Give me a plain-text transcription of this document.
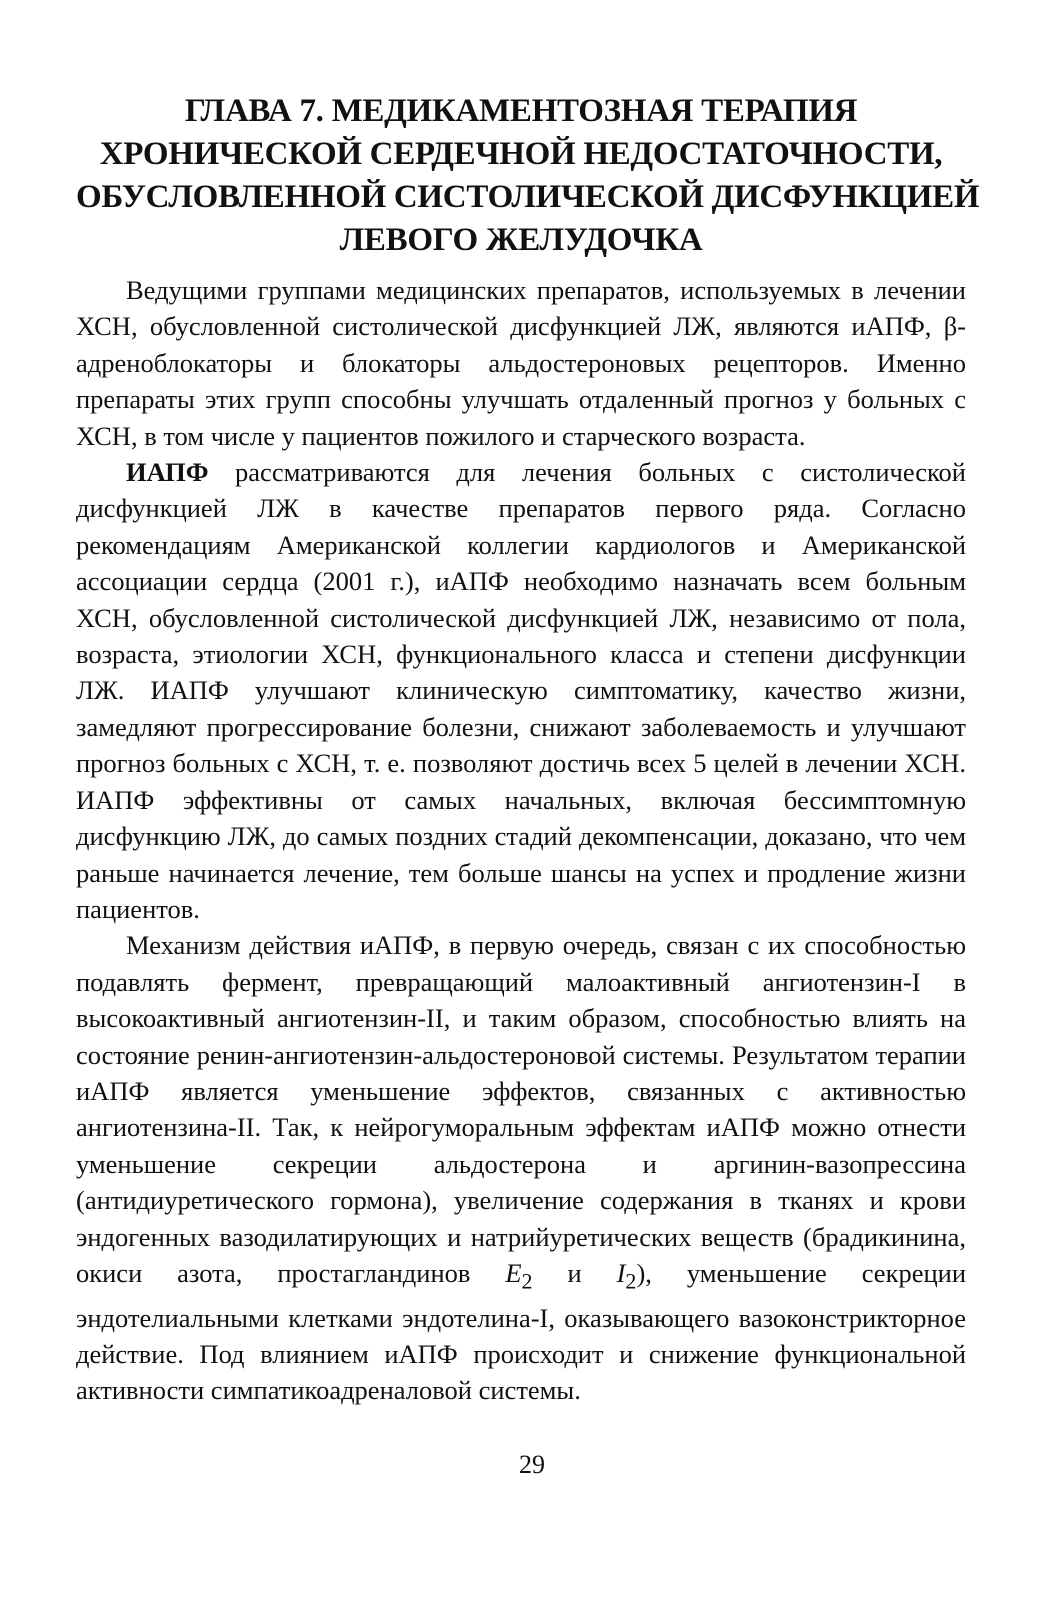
ГЛАВА 7. МЕДИКАМЕНТОЗНАЯ ТЕРАПИЯ
ХРОНИЧЕСКОЙ СЕРДЕЧНОЙ НЕДОСТАТОЧНОСТИ,
ОБУСЛОВЛЕННОЙ СИСТОЛИЧЕСКОЙ ДИСФУНКЦИЕЙ
ЛЕВОГО ЖЕЛУДОЧКА

Ведущими группами медицинских препаратов, используемых в лечении ХСН, обусловленной систолической дисфункцией ЛЖ, являются иАПФ, β-адреноблокаторы и блокаторы альдостероновых рецепторов. Именно препараты этих групп способны улучшать отдаленный прогноз у больных с ХСН, в том числе у пациентов пожилого и старческого возраста.

ИАПФ рассматриваются для лечения больных с систолической дисфункцией ЛЖ в качестве препаратов первого ряда. Согласно рекомендациям Американской коллегии кардиологов и Американской ассоциации сердца (2001 г.), иАПФ необходимо назначать всем больным ХСН, обусловленной систолической дисфункцией ЛЖ, независимо от пола, возраста, этиологии ХСН, функционального класса и степени дисфункции ЛЖ. ИАПФ улучшают клиническую симптоматику, качество жизни, замедляют прогрессирование болезни, снижают заболеваемость и улучшают прогноз больных с ХСН, т. е. позволяют достичь всех 5 целей в лечении ХСН. ИАПФ эффективны от самых начальных, включая бессимптомную дисфункцию ЛЖ, до самых поздних стадий декомпенсации, доказано, что чем раньше начинается лечение, тем больше шансы на успех и продление жизни пациентов.

Механизм действия иАПФ, в первую очередь, связан с их способностью подавлять фермент, превращающий малоактивный ангиотензин-I в высокоактивный ангиотензин-II, и таким образом, способностью влиять на состояние ренин-ангиотензин-альдостероновой системы. Результатом терапии иАПФ является уменьшение эффектов, связанных с активностью ангиотензина-II. Так, к нейрогуморальным эффектам иАПФ можно отнести уменьшение секреции альдостерона и аргинин-вазопрессина (антидиуретического гормона), увеличение содержания в тканях и крови эндогенных вазодилатирующих и натрийуретических веществ (брадикинина, окиси азота, простагландинов $E_2$ и $I_2$), уменьшение секреции эндотелиальными клетками эндотелина-I, оказывающего вазоконстрикторное действие. Под влиянием иАПФ происходит и снижение функциональной активности симпатикоадреналовой системы.

29
